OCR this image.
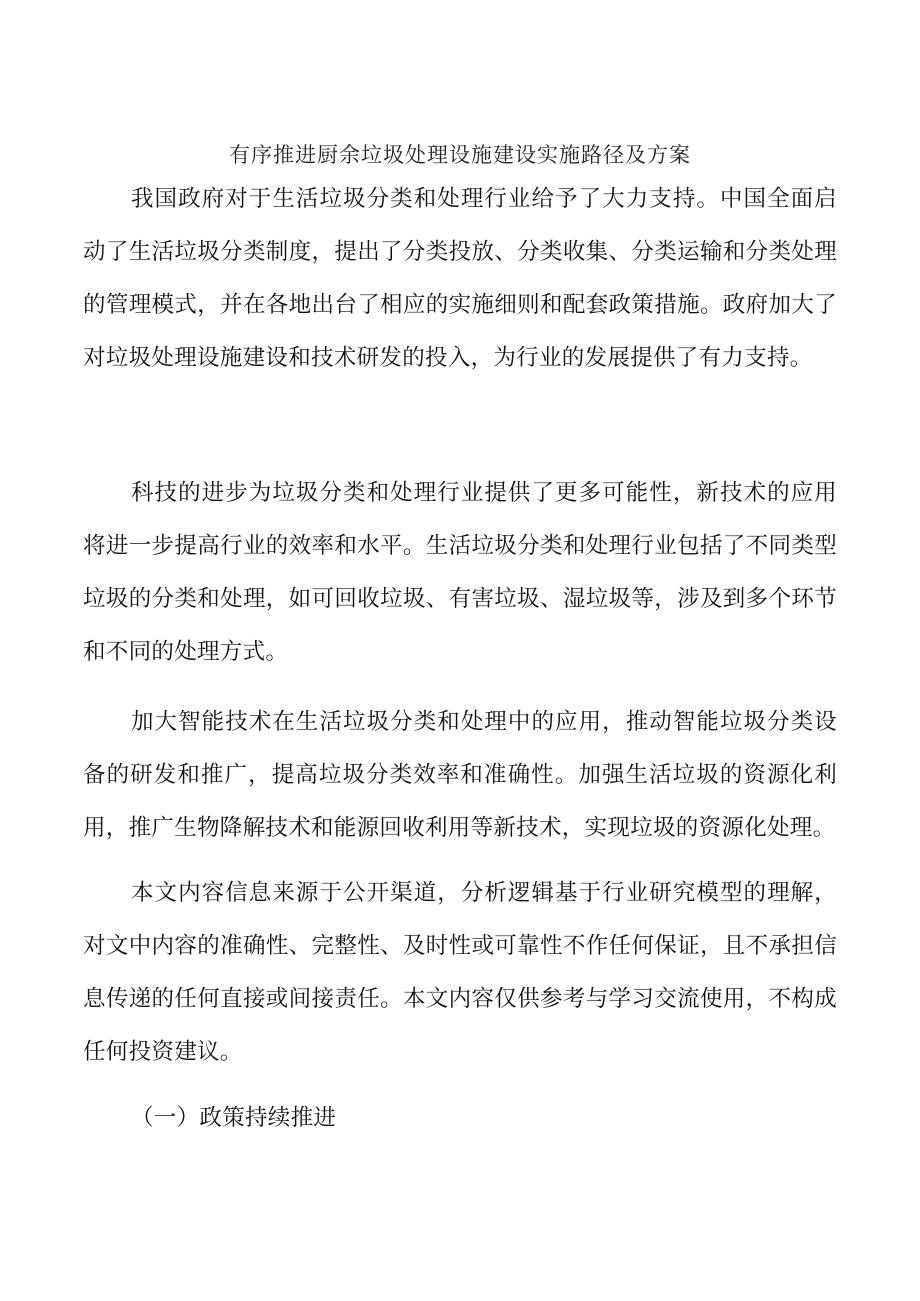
有序推进厨余垃圾处理设施建设实施路径及方案

我国政府对于生活垃圾分类和处理行业给予了大力支持。中国全面启动了生活垃圾分类制度，提出了分类投放、分类收集、分类运输和分类处理的管理模式，并在各地出台了相应的实施细则和配套政策措施。政府加大了对垃圾处理设施建设和技术研发的投入，为行业的发展提供了有力支持。

科技的进步为垃圾分类和处理行业提供了更多可能性，新技术的应用将进一步提高行业的效率和水平。生活垃圾分类和处理行业包括了不同类型垃圾的分类和处理，如可回收垃圾、有害垃圾、湿垃圾等，涉及到多个环节和不同的处理方式。

加大智能技术在生活垃圾分类和处理中的应用，推动智能垃圾分类设备的研发和推广，提高垃圾分类效率和准确性。加强生活垃圾的资源化利用，推广生物降解技术和能源回收利用等新技术，实现垃圾的资源化处理。

本文内容信息来源于公开渠道，分析逻辑基于行业研究模型的理解，对文中内容的准确性、完整性、及时性或可靠性不作任何保证，且不承担信息传递的任何直接或间接责任。本文内容仅供参考与学习交流使用，不构成任何投资建议。

（一）政策持续推进
